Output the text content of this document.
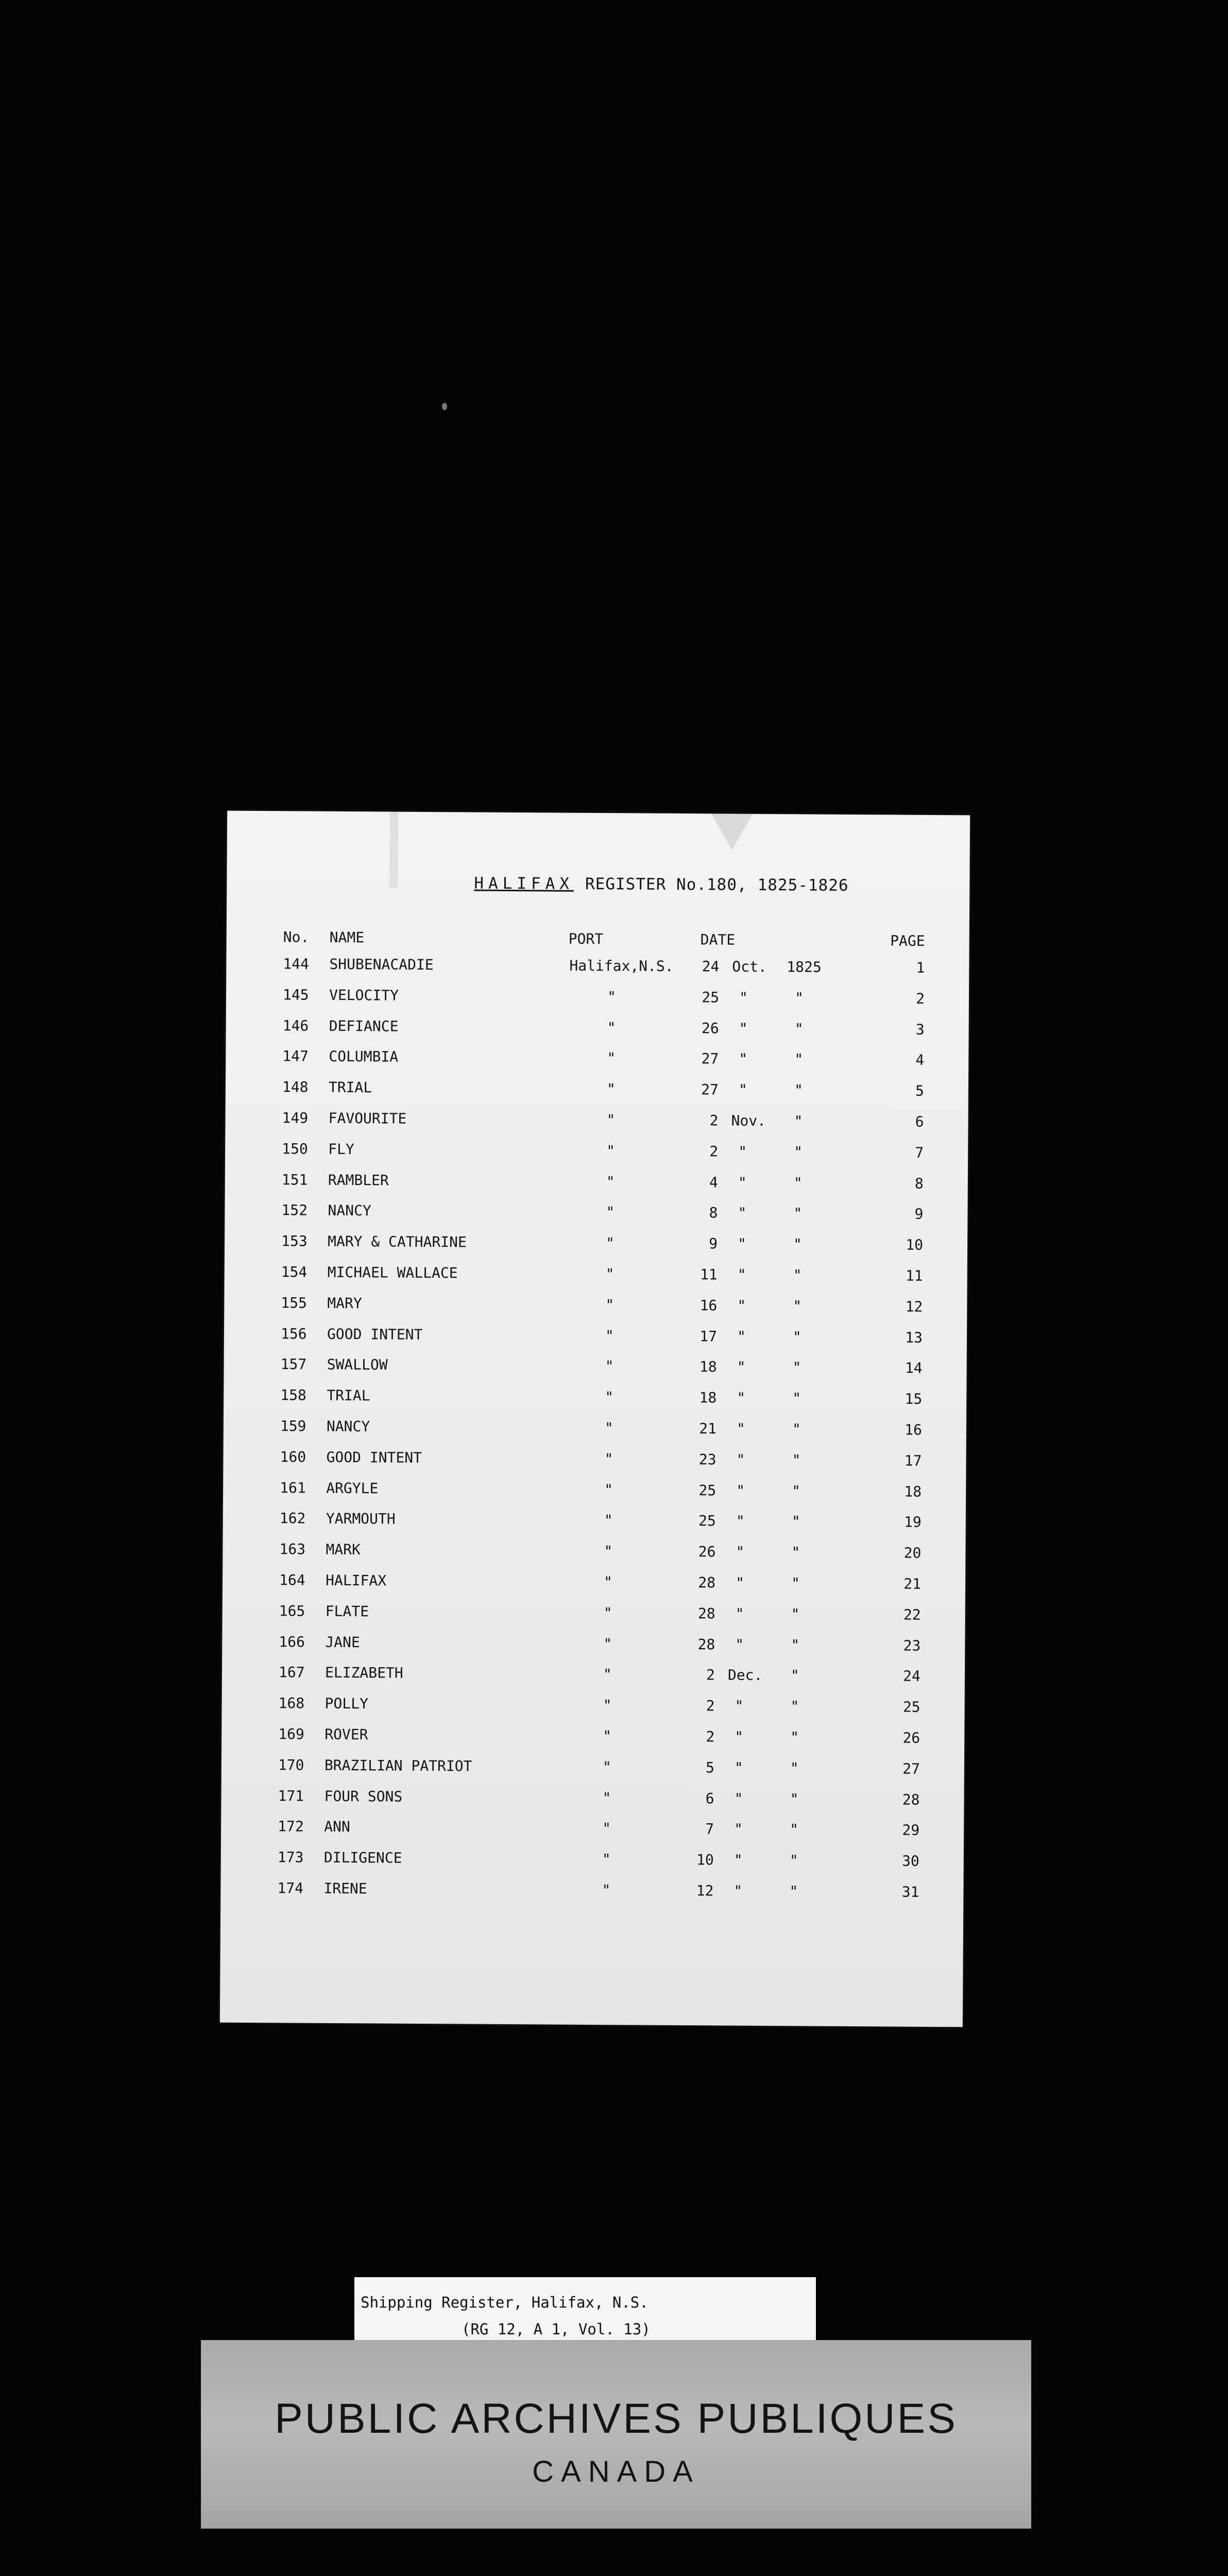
HALIFAX REGISTER No.180, 1825-1826
No. NAME	PORT	DATE	PAGE
144 SHUBENACADIE	Halifax,N.S. 24 Oct. 1825	1
145 VELOCITY	"	25 "	"	2
146 DEFIANCE	"	26 "	"	3
147 COLUMBIA	"	27 "	"	4
148 TRIAL	"	27 "	"	5
149 FAVOURITE	"	2 Nov. "	6
150 FLY	"	2 "	"	7
151 RAMBLER	"	4 "	"	8
152 NANCY	"	8 "	"	9
153 MARY & CATHARINE	"	9 "	"	10
154 MICHAEL WALLACE	"	11 "	"	11
155 MARY	"	16 "	"	12
156 GOOD INTENT	"	17 "	"	13
157 SWALLOW	"	18 "	"	14
158 TRIAL	"	18 "	"	15
159 NANCY	"	21 "	"	16
160 GOOD INTENT	"	23 "	"	17
161 ARGYLE	"	25 "	"	18
162 YARMOUTH	"	25 "	"	19
163 MARK	"	26 "	"	20
164 HALIFAX	"	28 "	"	21
165 FLATE	"	28 "	"	22
166 JANE	"	28 "	"	23
167 ELIZABETH	"	2 Dec. "	24
168 POLLY	"	2 "	"	25
169 ROVER	"	2 "	"	26
170 BRAZILIAN PATRIOT	"	5 "	"	27
171 FOUR SONS	"	6 "	"	28
172 ANN	"	7 "	"	29
173 DILIGENCE	"	10 "	"	30
174 IRENE	"	12 "	"	31
Shipping Register, Halifax, N.S.
(RG 12, A 1, Vol. 13)
PUBLIC ARCHIVES PUBLIQUES
CANADA
